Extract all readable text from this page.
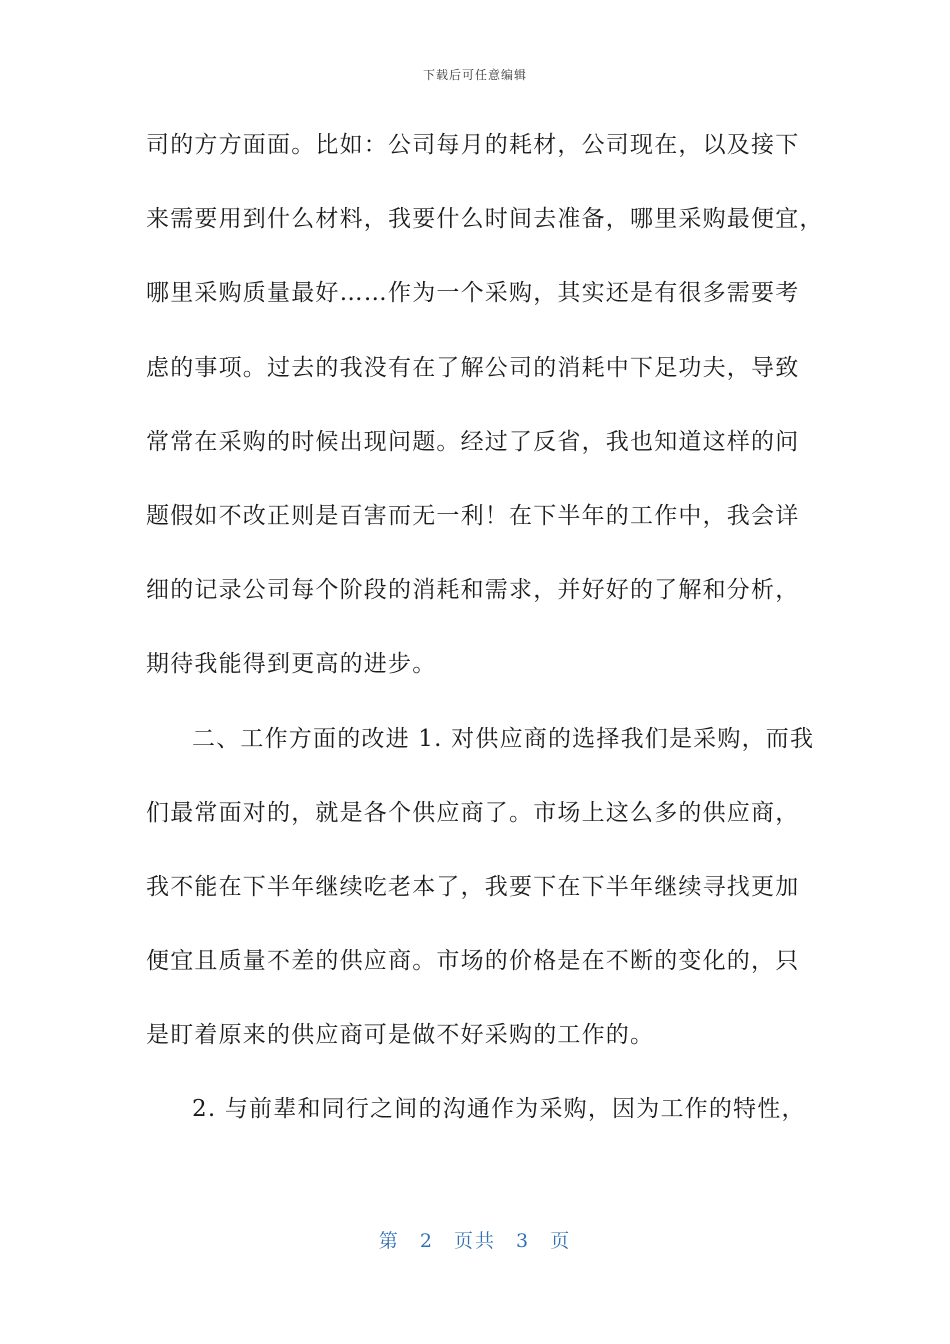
下载后可任意编辑
司的方方面面。比如：公司每月的耗材，公司现在，以及接下
来需要用到什么材料，我要什么时间去准备，哪里采购最便宜，
哪里采购质量最好……作为一个采购，其实还是有很多需要考
虑的事项。过去的我没有在了解公司的消耗中下足功夫，导致
常常在采购的时候出现问题。经过了反省，我也知道这样的问
题假如不改正则是百害而无一利！在下半年的工作中，我会详
细的记录公司每个阶段的消耗和需求，并好好的了解和分析，
期待我能得到更高的进步。
二、工作方面的改进 1. 对供应商的选择我们是采购，而我
们最常面对的，就是各个供应商了。市场上这么多的供应商，
我不能在下半年继续吃老本了，我要下在下半年继续寻找更加
便宜且质量不差的供应商。市场的价格是在不断的变化的，只
是盯着原来的供应商可是做不好采购的工作的。
2. 与前辈和同行之间的沟通作为采购，因为工作的特性，
第 2 页共 3 页
